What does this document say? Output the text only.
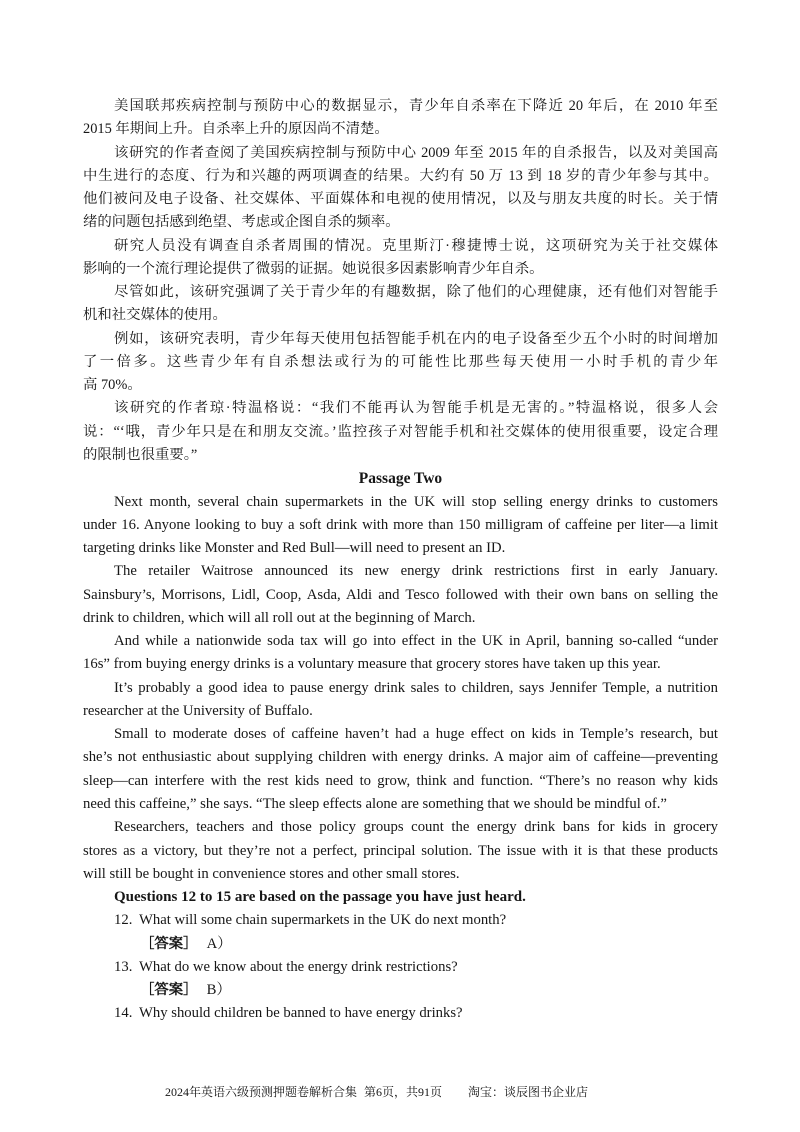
美国联邦疾病控制与预防中心的数据显示，青少年自杀率在下降近 20 年后，在 2010 年至
2015 年期间上升。自杀率上升的原因尚不清楚。
该研究的作者查阅了美国疾病控制与预防中心 2009 年至 2015 年的自杀报告，以及对美国高
中生进行的态度、行为和兴趣的两项调查的结果。大约有 50 万 13 到 18 岁的青少年参与其中。
他们被问及电子设备、社交媒体、平面媒体和电视的使用情况，以及与朋友共度的时长。关于情
绪的问题包括感到绝望、考虑或企图自杀的频率。
研究人员没有调查自杀者周围的情况。克里斯汀·穆捷博士说，这项研究为关于社交媒体
影响的一个流行理论提供了微弱的证据。她说很多因素影响青少年自杀。
尽管如此，该研究强调了关于青少年的有趣数据，除了他们的心理健康，还有他们对智能手
机和社交媒体的使用。
例如，该研究表明，青少年每天使用包括智能手机在内的电子设备至少五个小时的时间增加
了一倍多。这些青少年有自杀想法或行为的可能性比那些每天使用一小时手机的青少年
高 70%。
该研究的作者琼·特温格说：“我们不能再认为智能手机是无害的。”特温格说，很多人会
说：“‘哦，青少年只是在和朋友交流。’监控孩子对智能手机和社交媒体的使用很重要，设定合理
的限制也很重要。”
Passage Two
Next month, several chain supermarkets in the UK will stop selling energy drinks to customers
under 16. Anyone looking to buy a soft drink with more than 150 milligram of caffeine per liter—a limit
targeting drinks like Monster and Red Bull—will need to present an ID.
The retailer Waitrose announced its new energy drink restrictions first in early January.
Sainsbury’s, Morrisons, Lidl, Coop, Asda, Aldi and Tesco followed with their own bans on selling the
drink to children, which will all roll out at the beginning of March.
And while a nationwide soda tax will go into effect in the UK in April, banning so-called “under
16s” from buying energy drinks is a voluntary measure that grocery stores have taken up this year.
It’s probably a good idea to pause energy drink sales to children, says Jennifer Temple, a nutrition
researcher at the University of Buffalo.
Small to moderate doses of caffeine haven’t had a huge effect on kids in Temple’s research, but
she’s not enthusiastic about supplying children with energy drinks. A major aim of caffeine—preventing
sleep—can interfere with the rest kids need to grow, think and function. “There’s no reason why kids
need this caffeine,” she says. “The sleep effects alone are something that we should be mindful of.”
Researchers, teachers and those policy groups count the energy drink bans for kids in grocery
stores as a victory, but they’re not a perfect, principal solution. The issue with it is that these products
will still be bought in convenience stores and other small stores.
Questions 12 to 15 are based on the passage you have just heard.
12. What will some chain supermarkets in the UK do next month?
［答案］ A）
13. What do we know about the energy drink restrictions?
［答案］ B）
14. Why should children be banned to have energy drinks?
2024年英语六级预测押题卷解析合集 第6页，共91页 淘宝：谈辰图书企业店
